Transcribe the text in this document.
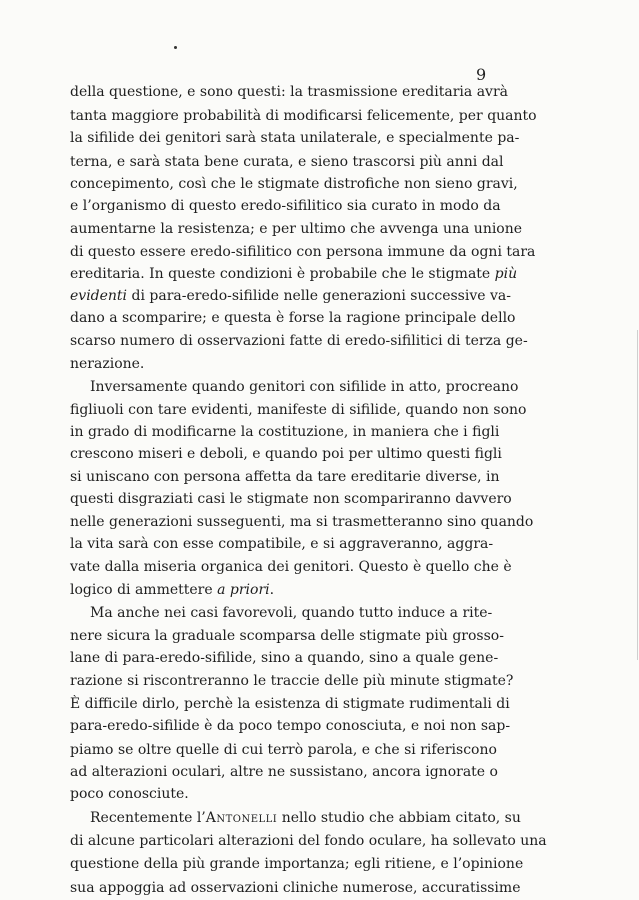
9
della questione, e sono questi: la trasmissione ereditaria avrà
tanta maggiore probabilità di modificarsi felicemente, per quanto
la sifilide dei genitori sarà stata unilaterale, e specialmente pa-
terna, e sarà stata bene curata, e sieno trascorsi più anni dal
concepimento, così che le stigmate distrofiche non sieno gravi,
e l’organismo di questo eredo-sifilitico sia curato in modo da
aumentarne la resistenza; e per ultimo che avvenga una unione
di questo essere eredo-sifilitico con persona immune da ogni tara
ereditaria. In queste condizioni è probabile che le stigmate più
evidenti di para-eredo-sifilide nelle generazioni successive va-
dano a scomparire; e questa è forse la ragione principale dello
scarso numero di osservazioni fatte di eredo-sifilitici di terza ge-
nerazione.
Inversamente quando genitori con sifilide in atto, procreano
figliuoli con tare evidenti, manifeste di sifilide, quando non sono
in grado di modificarne la costituzione, in maniera che i figli
crescono miseri e deboli, e quando poi per ultimo questi figli
si uniscano con persona affetta da tare ereditarie diverse, in
questi disgraziati casi le stigmate non scompariranno davvero
nelle generazioni susseguenti, ma si trasmetteranno sino quando
la vita sarà con esse compatibile, e si aggraveranno, aggra-
vate dalla miseria organica dei genitori. Questo è quello che è
logico di ammettere a priori.
Ma anche nei casi favorevoli, quando tutto induce a rite-
nere sicura la graduale scomparsa delle stigmate più grosso-
lane di para-eredo-sifilide, sino a quando, sino a quale gene-
razione si riscontreranno le traccie delle più minute stigmate?
È difficile dirlo, perchè la esistenza di stigmate rudimentali di
para-eredo-sifilide è da poco tempo conosciuta, e noi non sap-
piamo se oltre quelle di cui terrò parola, e che si riferiscono
ad alterazioni oculari, altre ne sussistano, ancora ignorate o
poco conosciute.
Recentemente l’Antonelli nello studio che abbiam citato, su
di alcune particolari alterazioni del fondo oculare, ha sollevato una
questione della più grande importanza; egli ritiene, e l’opinione
sua appoggia ad osservazioni cliniche numerose, accuratissime
